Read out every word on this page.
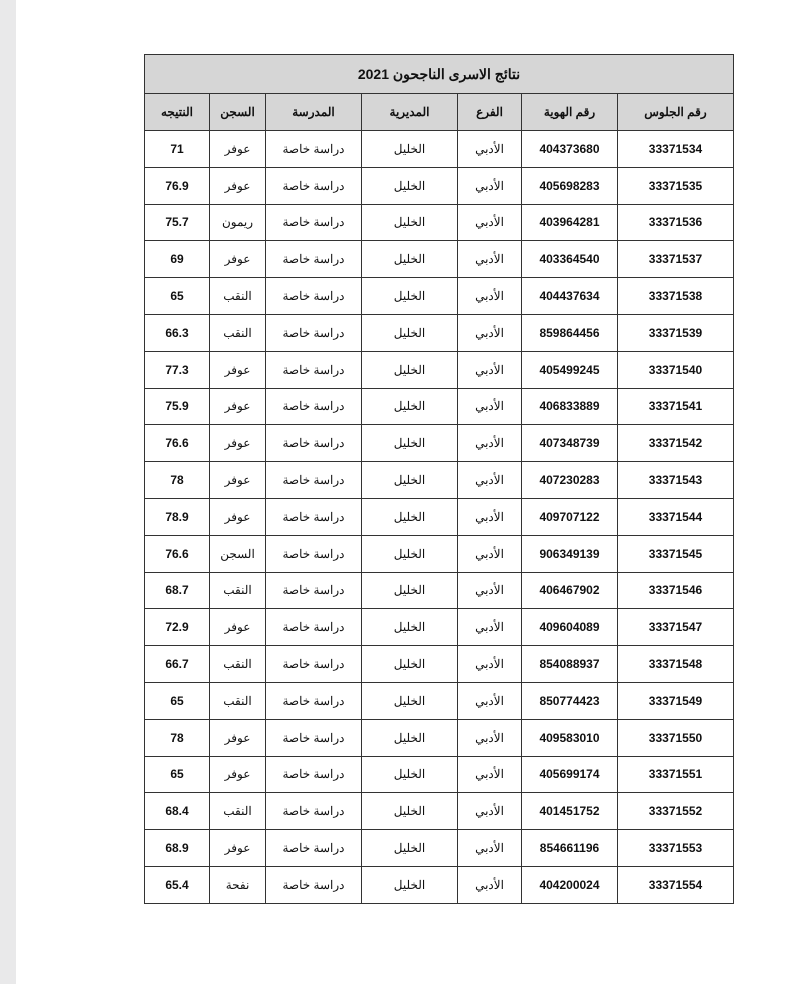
نتائج الاسرى الناجحون 2021						
رقم الجلوس	رقم الهوية	الفرع	المديرية	المدرسة	السجن	النتيجه
33371534	404373680	الأدبي	الخليل	دراسة خاصة	عوفر	71
33371535	405698283	الأدبي	الخليل	دراسة خاصة	عوفر	76.9
33371536	403964281	الأدبي	الخليل	دراسة خاصة	ريمون	75.7
33371537	403364540	الأدبي	الخليل	دراسة خاصة	عوفر	69
33371538	404437634	الأدبي	الخليل	دراسة خاصة	النقب	65
33371539	859864456	الأدبي	الخليل	دراسة خاصة	النقب	66.3
33371540	405499245	الأدبي	الخليل	دراسة خاصة	عوفر	77.3
33371541	406833889	الأدبي	الخليل	دراسة خاصة	عوفر	75.9
33371542	407348739	الأدبي	الخليل	دراسة خاصة	عوفر	76.6
33371543	407230283	الأدبي	الخليل	دراسة خاصة	عوفر	78
33371544	409707122	الأدبي	الخليل	دراسة خاصة	عوفر	78.9
33371545	906349139	الأدبي	الخليل	دراسة خاصة	السجن	76.6
33371546	406467902	الأدبي	الخليل	دراسة خاصة	النقب	68.7
33371547	409604089	الأدبي	الخليل	دراسة خاصة	عوفر	72.9
33371548	854088937	الأدبي	الخليل	دراسة خاصة	النقب	66.7
33371549	850774423	الأدبي	الخليل	دراسة خاصة	النقب	65
33371550	409583010	الأدبي	الخليل	دراسة خاصة	عوفر	78
33371551	405699174	الأدبي	الخليل	دراسة خاصة	عوفر	65
33371552	401451752	الأدبي	الخليل	دراسة خاصة	النقب	68.4
33371553	854661196	الأدبي	الخليل	دراسة خاصة	عوفر	68.9
33371554	404200024	الأدبي	الخليل	دراسة خاصة	نفحة	65.4
